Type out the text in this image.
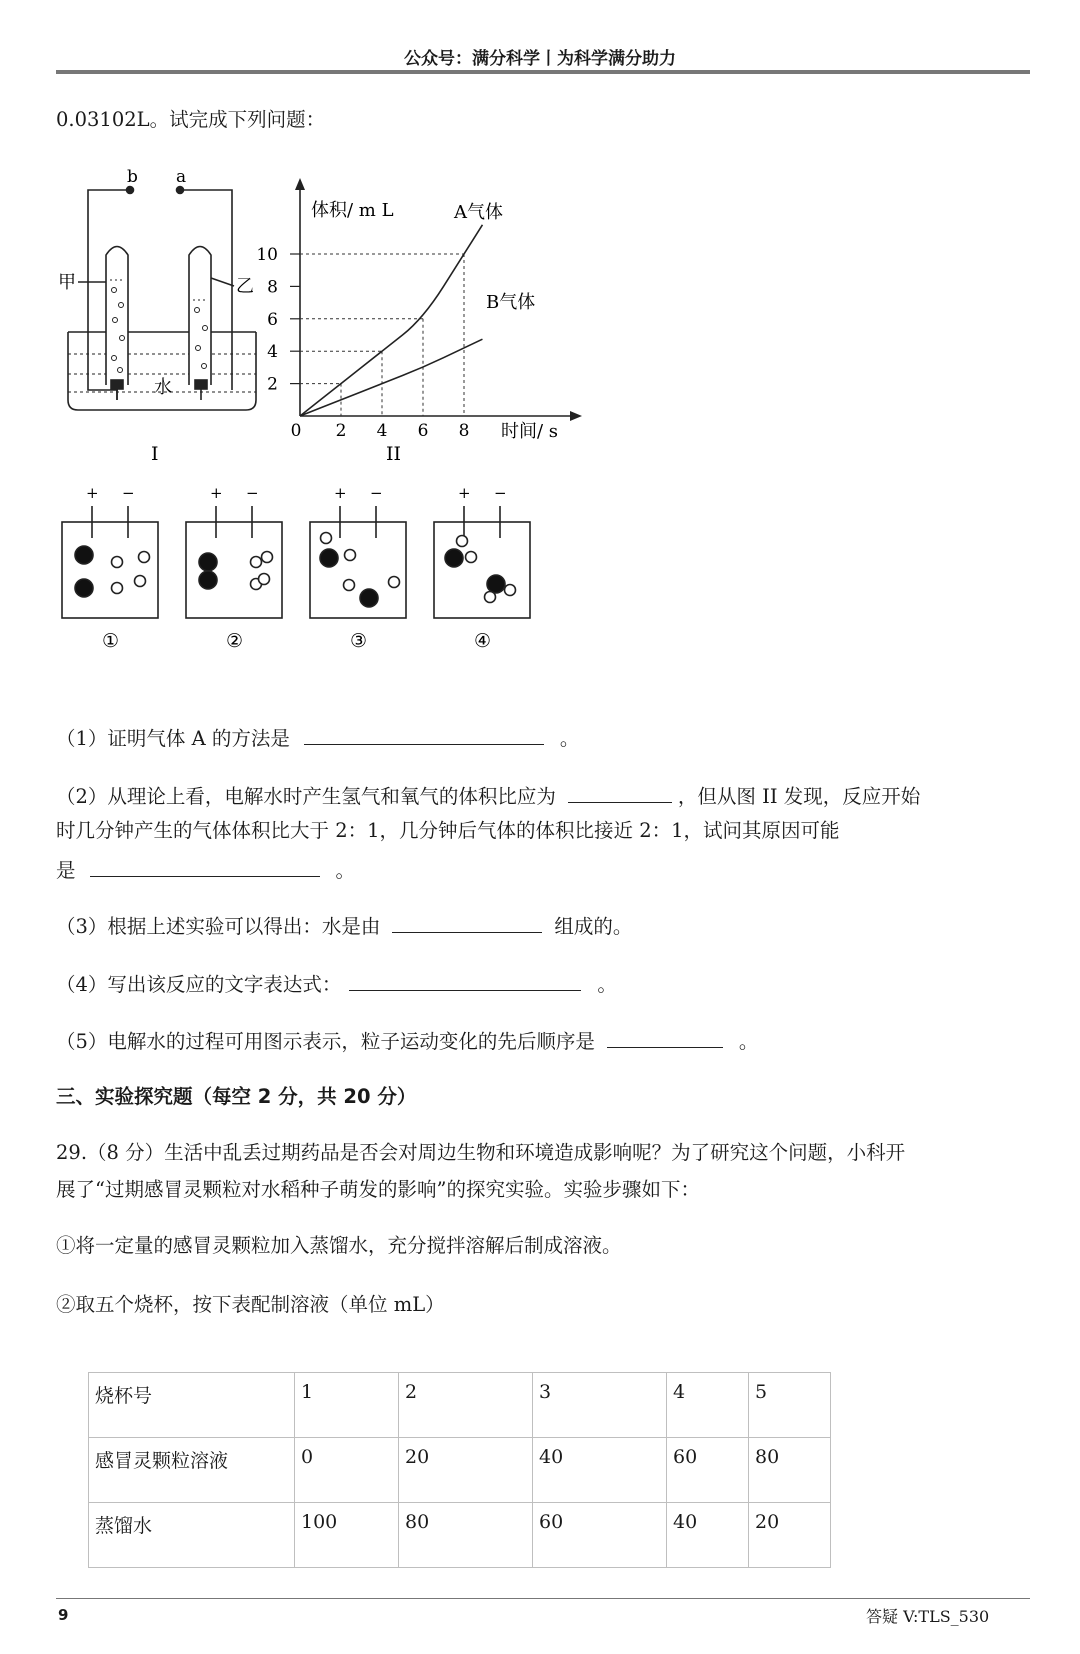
公众号：满分科学丨为科学满分助力
0.03102L。试完成下列问题：
b a
甲	乙
水
I
10
8
6
4
2
0 2 4 6 8
体积/ m L
时间/ s
A气体
B气体
II
+ −	+ −	+ −	+ −
①	②	③	④
（1）证明气体 A 的方法是	。
（2）从理论上看，电解水时产生氢气和氧气的体积比应为	，但从图 II 发现，反应开始
时几分钟产生的气体体积比大于 2：1，几分钟后气体的体积比接近 2：1，试问其原因可能
是	。
（3）根据上述实验可以得出：水是由	组成的。
（4）写出该反应的文字表达式：	。
（5）电解水的过程可用图示表示，粒子运动变化的先后顺序是	。
三、实验探究题（每空 2 分，共 20 分）
29.（8 分）生活中乱丢过期药品是否会对周边生物和环境造成影响呢？为了研究这个问题，小科开
展了“过期感冒灵颗粒对水稻种子萌发的影响”的探究实验。实验步骤如下：
①将一定量的感冒灵颗粒加入蒸馏水，充分搅拌溶解后制成溶液。
②取五个烧杯，按下表配制溶液（单位 mL）
烧杯号	1	2	3	4	5
感冒灵颗粒溶液	0	20	40	60	80
蒸馏水	100	80	60	40	20
9	答疑 V:TLS_530
